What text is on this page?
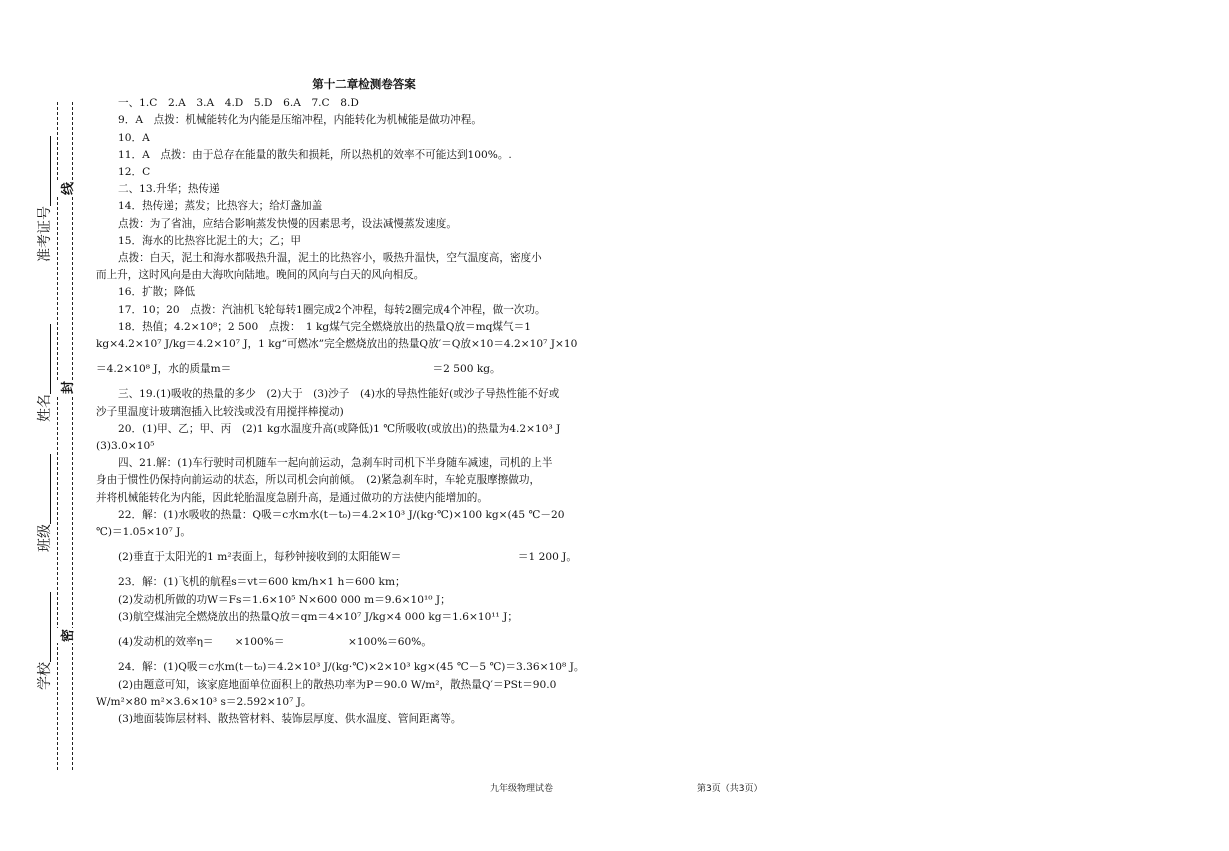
准考证号
姓名
班级
学校
线
封
密
第十二章检测卷答案
一、1.C　2.A　3.A　4.D　5.D　6.A　7.C　8.D
9．A　点拨：机械能转化为内能是压缩冲程，内能转化为机械能是做功冲程。
10．A
11．A　点拨：由于总存在能量的散失和损耗，所以热机的效率不可能达到100%。.
12．C
二、13.升华；热传递
14．热传递；蒸发；比热容大；给灯盏加盖
点拨：为了省油，应结合影响蒸发快慢的因素思考，设法减慢蒸发速度。
15．海水的比热容比泥土的大；乙；甲
点拨：白天，泥土和海水都吸热升温，泥土的比热容小，吸热升温快，空气温度高，密度小
而上升，这时风向是由大海吹向陆地。晚间的风向与白天的风向相反。
16．扩散；降低
17．10；20　点拨：汽油机飞轮每转1圈完成2个冲程，每转2圈完成4个冲程，做一次功。
18．热值；4.2×10⁸；2 500　点拨：　1 kg煤气完全燃烧放出的热量Q放＝mq煤气＝1
kg×4.2×10⁷ J/kg＝4.2×10⁷ J，1 kg“可燃冰”完全燃烧放出的热量Q放′＝Q放×10＝4.2×10⁷ J×10
＝4.2×10⁸ J，水的质量m＝　　　　　　　　　　　　　　　　　　　＝2 500 kg。
三、19.(1)吸收的热量的多少　(2)大于　(3)沙子　(4)水的导热性能好(或沙子导热性能不好或
沙子里温度计玻璃泡插入比较浅或没有用搅拌棒搅动)
20．(1)甲、乙；甲、丙　(2)1 kg水温度升高(或降低)1 ℃所吸收(或放出)的热量为4.2×10³ J
(3)3.0×10⁵
四、21.解：(1)车行驶时司机随车一起向前运动，急刹车时司机下半身随车减速，司机的上半
身由于惯性仍保持向前运动的状态，所以司机会向前倾。　(2)紧急刹车时，车轮克服摩擦做功，
并将机械能转化为内能，因此轮胎温度急剧升高，是通过做功的方法使内能增加的。
22．解：(1)水吸收的热量：Q吸＝c水m水(t－t₀)＝4.2×10³ J/(kg·℃)×100 kg×(45 ℃－20
℃)＝1.05×10⁷ J。
(2)垂直于太阳光的1 m²表面上，每秒钟接收到的太阳能W＝　　　　　　　　　　　＝1 200 J。
23．解：(1)飞机的航程s＝vt＝600 km/h×1 h＝600 km；
(2)发动机所做的功W＝Fs＝1.6×10⁵ N×600 000 m＝9.6×10¹⁰ J；
(3)航空煤油完全燃烧放出的热量Q放＝qm＝4×10⁷ J/kg×4 000 kg＝1.6×10¹¹ J；
(4)发动机的效率η＝　　×100%＝　　　　　　×100%＝60%。
24．解：(1)Q吸＝c水m(t－t₀)＝4.2×10³ J/(kg·℃)×2×10³ kg×(45 ℃－5 ℃)＝3.36×10⁸ J。
(2)由题意可知，该家庭地面单位面积上的散热功率为P＝90.0 W/m²，散热量Q′＝PSt＝90.0
W/m²×80 m²×3.6×10³ s＝2.592×10⁷ J。
(3)地面装饰层材料、散热管材料、装饰层厚度、供水温度、管间距离等。
九年级物理试卷	第3页（共3页）
